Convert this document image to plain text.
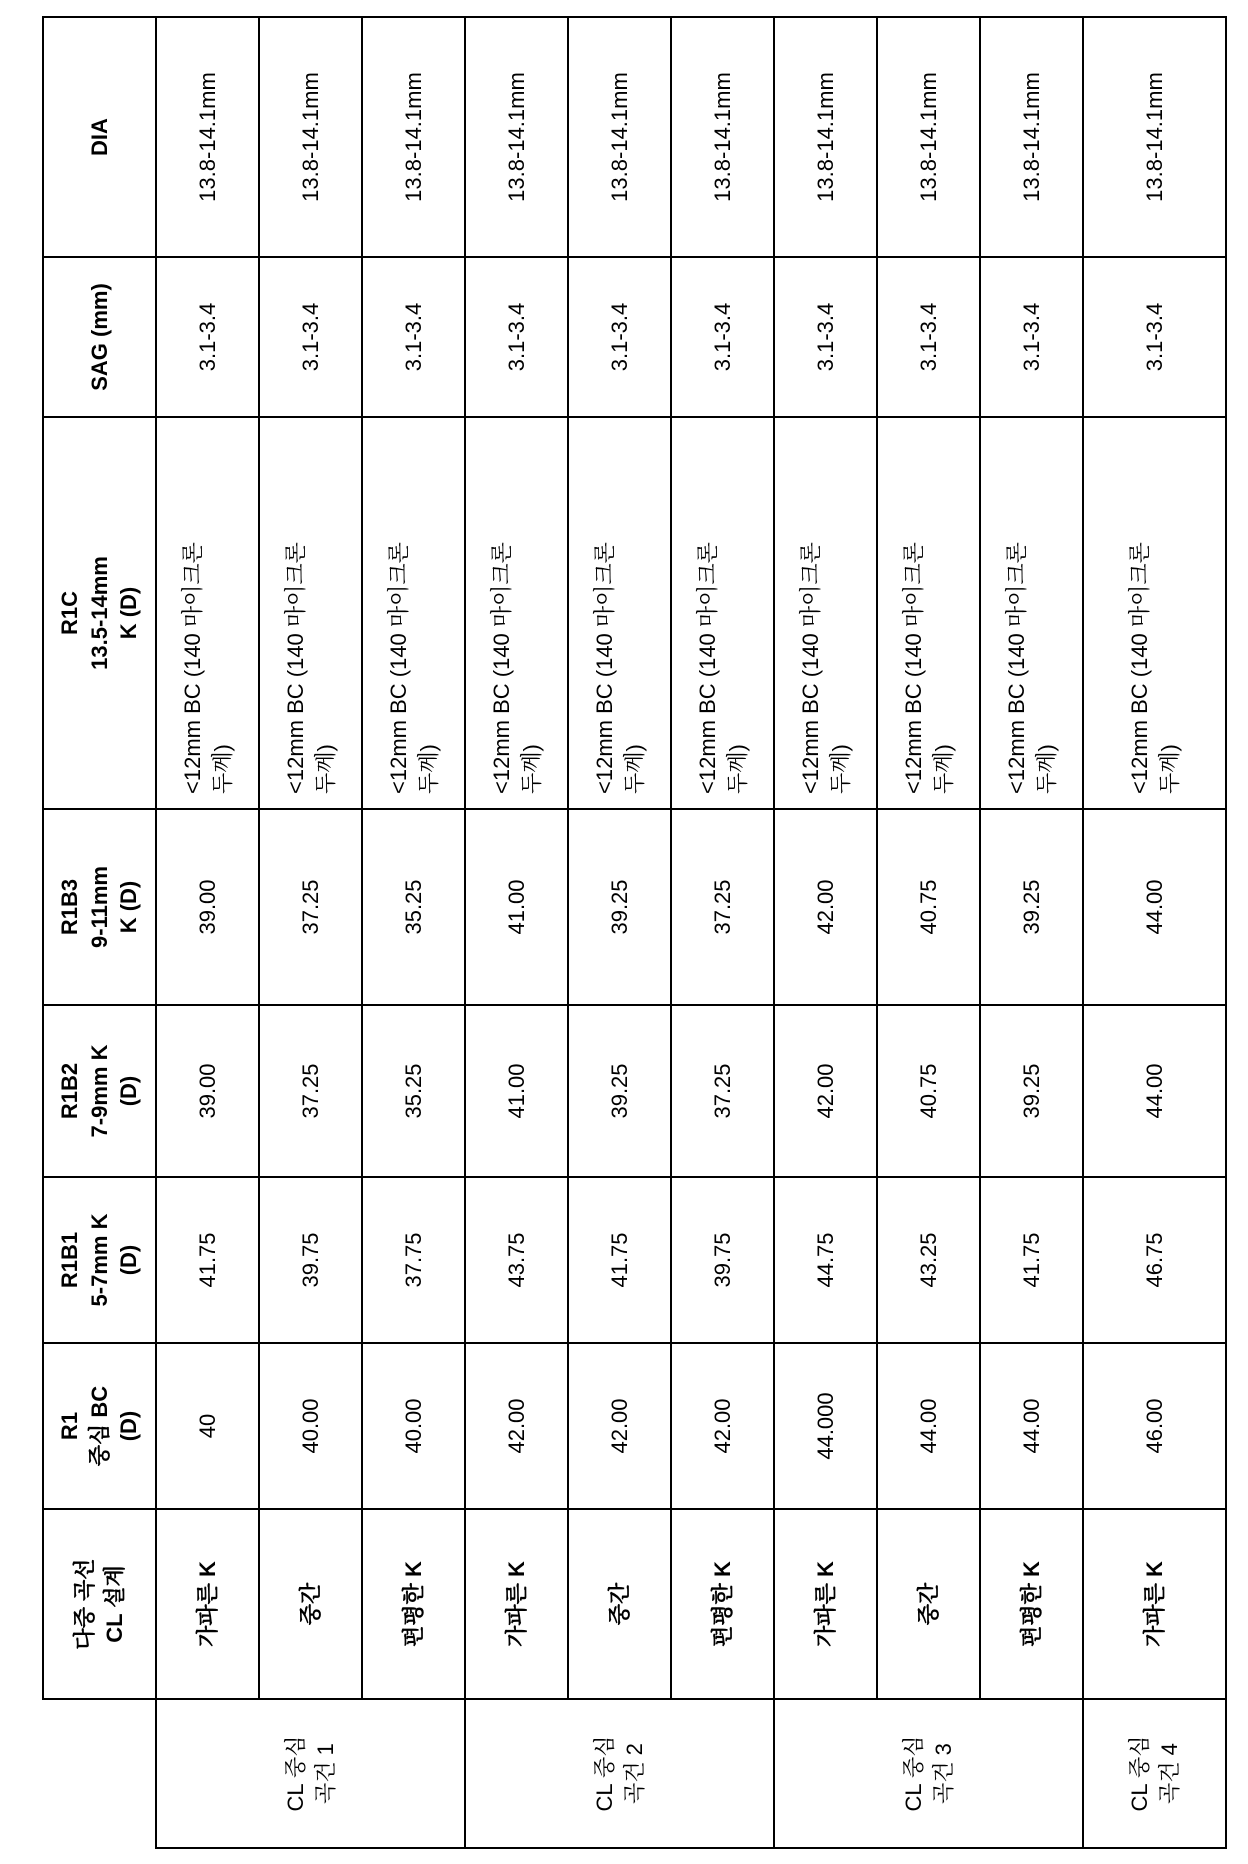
	다중 곡선
CL 설계	R1
중심 BC
(D)	R1B1
5-7mm K
(D)	R1B2
7-9mm K
(D)	R1B3
9-11mm
K (D)	R1C
13.5-14mm
K (D)	SAG (mm)	DIA
CL 중심
곡건 1	가파른 K	40	41.75	39.00	39.00	<12mm BC (140 마이크론
두께)	3.1-3.4	13.8-14.1mm
중간	40.00	39.75	37.25	37.25	<12mm BC (140 마이크론
두께)	3.1-3.4	13.8-14.1mm
편평한 K	40.00	37.75	35.25	35.25	<12mm BC (140 마이크론
두께)	3.1-3.4	13.8-14.1mm
CL 중심
곡건 2	가파른 K	42.00	43.75	41.00	41.00	<12mm BC (140 마이크론
두께)	3.1-3.4	13.8-14.1mm
중간	42.00	41.75	39.25	39.25	<12mm BC (140 마이크론
두께)	3.1-3.4	13.8-14.1mm
편평한 K	42.00	39.75	37.25	37.25	<12mm BC (140 마이크론
두께)	3.1-3.4	13.8-14.1mm
CL 중심
곡건 3	가파른 K	44.000	44.75	42.00	42.00	<12mm BC (140 마이크론
두께)	3.1-3.4	13.8-14.1mm
중간	44.00	43.25	40.75	40.75	<12mm BC (140 마이크론
두께)	3.1-3.4	13.8-14.1mm
편평한 K	44.00	41.75	39.25	39.25	<12mm BC (140 마이크론
두께)	3.1-3.4	13.8-14.1mm
CL 중심
곡건 4	가파른 K	46.00	46.75	44.00	44.00	<12mm BC (140 마이크론
두께)	3.1-3.4	13.8-14.1mm
